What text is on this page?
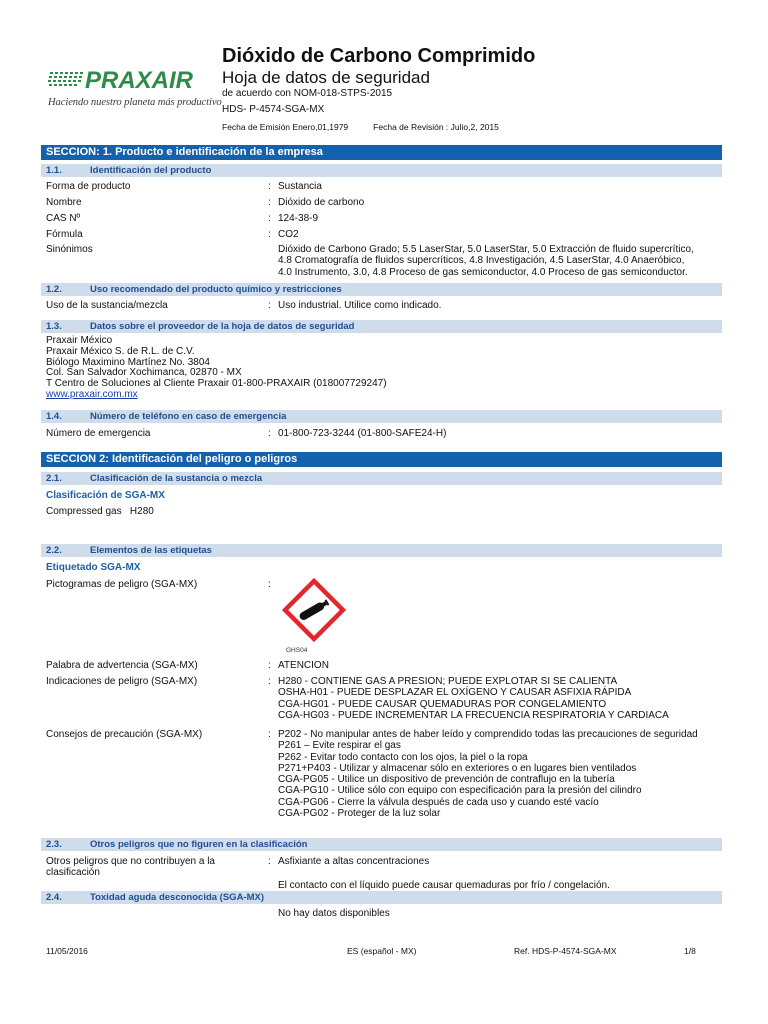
PRAXAIR
Haciendo nuestro planeta más productivo
Dióxido de Carbono Comprimido
Hoja de datos de seguridad
de acuerdo con NOM-018-STPS-2015
HDS- P-4574-SGA-MX
Fecha de Emisión Enero,01,1979	Fecha de Revisión : Julio,2, 2015
SECCION: 1. Producto e identificación de la empresa
1.1.	Identificación del producto
Forma de producto	: Sustancia
Nombre	: Dióxido de carbono
CAS Nº	: 124-38-9
Fórmula	: CO2
Sinónimos	Dióxido de Carbono Grado; 5.5 LaserStar, 5.0 LaserStar, 5.0 Extracción de fluido supercrítico,
4.8 Cromatografía de fluidos supercríticos, 4.8 Investigación, 4.5 LaserStar, 4.0 Anaeróbico,
4.0 Instrumento, 3.0, 4.8 Proceso de gas semiconductor, 4.0 Proceso de gas semiconductor.
1.2.	Uso recomendado del producto químico y restricciones
Uso de la sustancia/mezcla	: Uso industrial. Utilice como indicado.
1.3.	Datos sobre el proveedor de la hoja de datos de seguridad
Praxair México
Praxair México S. de R.L. de C.V.
Biólogo Maximino Martínez No. 3804
Col. San Salvador Xochimanca, 02870 - MX
T Centro de Soluciones al Cliente Praxair 01-800-PRAXAIR (018007729247)
www.praxair.com.mx
1.4.	Número de teléfono en caso de emergencia
Número de emergencia	: 01-800-723-3244 (01-800-SAFE24-H)
SECCION 2: Identificación del peligro o peligros
2.1.	Clasificación de la sustancia o mezcla
Clasificación de SGA-MX
Compressed gas   H280
2.2.	Elementos de las etiquetas
Etiquetado SGA-MX
Pictogramas de peligro (SGA-MX)	:
GHS04
Palabra de advertencia (SGA-MX)	: ATENCION
Indicaciones de peligro (SGA-MX)	: H280 - CONTIENE GAS A PRESION; PUEDE EXPLOTAR SI SE CALIENTA
OSHA-H01 - PUEDE DESPLAZAR EL OXÍGENO Y CAUSAR ASFIXIA RÁPIDA
CGA-HG01 - PUEDE CAUSAR QUEMADURAS POR CONGELAMIENTO
CGA-HG03 - PUEDE INCREMENTAR LA FRECUENCIA RESPIRATORIA Y CARDIACA
Consejos de precaución (SGA-MX)	: P202 - No manipular antes de haber leído y comprendido todas las precauciones de seguridad
P261 – Evite respirar el gas
P262 - Evitar todo contacto con los ojos, la piel o la ropa
P271+P403 - Utilizar y almacenar sólo en exteriores o en lugares bien ventilados
CGA-PG05 - Utilice un dispositivo de prevención de contraflujo en la tubería
CGA-PG10 - Utilice sólo con equipo con especificación para la presión del cilindro
CGA-PG06 - Cierre la válvula después de cada uso y cuando esté vacío
CGA-PG02 - Proteger de la luz solar
2.3.	Otros peligros que no figuren en la clasificación
Otros peligros que no contribuyen a la
clasificación
: Asfixiante a altas concentraciones
El contacto con el líquido puede causar quemaduras por frío / congelación.
2.4.	Toxidad aguda desconocida (SGA-MX)
No hay datos disponibles
11/05/2016	ES (español - MX)	Ref. HDS-P-4574-SGA-MX	1/8
